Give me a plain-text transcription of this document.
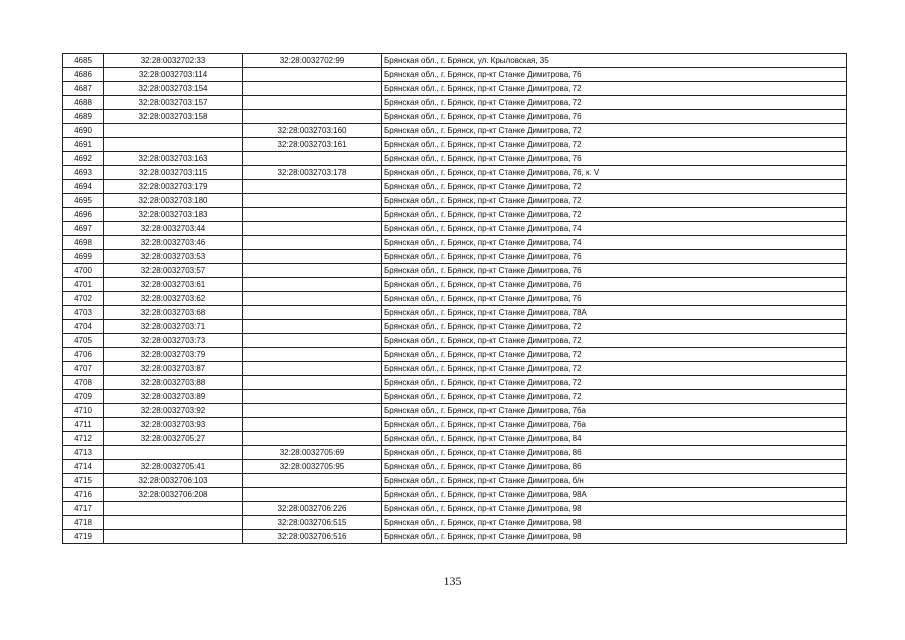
4685	32:28:0032702:33	32:28:0032702:99	Брянская обл., г. Брянск, ул. Крыловская, 35
4686	32:28:0032703:114		Брянская обл., г. Брянск, пр-кт Станке Димитрова, 76
4687	32:28:0032703:154		Брянская обл., г. Брянск, пр-кт Станке Димитрова, 72
4688	32:28:0032703:157		Брянская обл., г. Брянск, пр-кт Станке Димитрова, 72
4689	32:28:0032703:158		Брянская обл., г. Брянск, пр-кт Станке Димитрова, 76
4690		32:28:0032703:160	Брянская обл., г. Брянск, пр-кт Станке Димитрова, 72
4691		32:28:0032703:161	Брянская обл., г. Брянск, пр-кт Станке Димитрова, 72
4692	32:28:0032703:163		Брянская обл., г. Брянск, пр-кт Станке Димитрова, 76
4693	32:28:0032703:115	32:28:0032703:178	Брянская обл., г. Брянск, пр-кт Станке Димитрова, 76, к. V
4694	32:28:0032703:179		Брянская обл., г. Брянск, пр-кт Станке Димитрова, 72
4695	32:28:0032703:180		Брянская обл., г. Брянск, пр-кт Станке Димитрова, 72
4696	32:28:0032703:183		Брянская обл., г. Брянск, пр-кт Станке Димитрова, 72
4697	32:28:0032703:44		Брянская обл., г. Брянск, пр-кт Станке Димитрова, 74
4698	32:28:0032703:46		Брянская обл., г. Брянск, пр-кт Станке Димитрова, 74
4699	32:28:0032703:53		Брянская обл., г. Брянск, пр-кт Станке Димитрова, 76
4700	32:28:0032703:57		Брянская обл., г. Брянск, пр-кт Станке Димитрова, 76
4701	32:28:0032703:61		Брянская обл., г. Брянск, пр-кт Станке Димитрова, 76
4702	32:28:0032703:62		Брянская обл., г. Брянск, пр-кт Станке Димитрова, 76
4703	32:28:0032703:68		Брянская обл., г. Брянск, пр-кт Станке Димитрова, 78А
4704	32:28:0032703:71		Брянская обл., г. Брянск, пр-кт Станке Димитрова, 72
4705	32:28:0032703:73		Брянская обл., г. Брянск, пр-кт Станке Димитрова, 72
4706	32:28:0032703:79		Брянская обл., г. Брянск, пр-кт Станке Димитрова, 72
4707	32:28:0032703:87		Брянская обл., г. Брянск, пр-кт Станке Димитрова, 72
4708	32:28:0032703:88		Брянская обл., г. Брянск, пр-кт Станке Димитрова, 72
4709	32:28:0032703:89		Брянская обл., г. Брянск, пр-кт Станке Димитрова, 72
4710	32:28:0032703:92		Брянская обл., г. Брянск, пр-кт Станке Димитрова, 76а
4711	32:28:0032703:93		Брянская обл., г. Брянск, пр-кт Станке Димитрова, 76а
4712	32:28:0032705:27		Брянская обл., г. Брянск, пр-кт Станке Димитрова, 84
4713		32:28:0032705:69	Брянская обл., г. Брянск, пр-кт Станке Димитрова, 86
4714	32:28:0032705:41	32:28:0032705:95	Брянская обл., г. Брянск, пр-кт Станке Димитрова, 86
4715	32:28:0032706:103		Брянская обл., г. Брянск, пр-кт Станке Димитрова, б/н
4716	32:28:0032706:208		Брянская обл., г. Брянск, пр-кт Станке Димитрова, 98А
4717		32:28:0032706:226	Брянская обл., г. Брянск, пр-кт Станке Димитрова, 98
4718		32:28:0032706:515	Брянская обл., г. Брянск, пр-кт Станке Димитрова, 98
4719		32:28:0032706:516	Брянская обл., г. Брянск, пр-кт Станке Димитрова, 98
135
